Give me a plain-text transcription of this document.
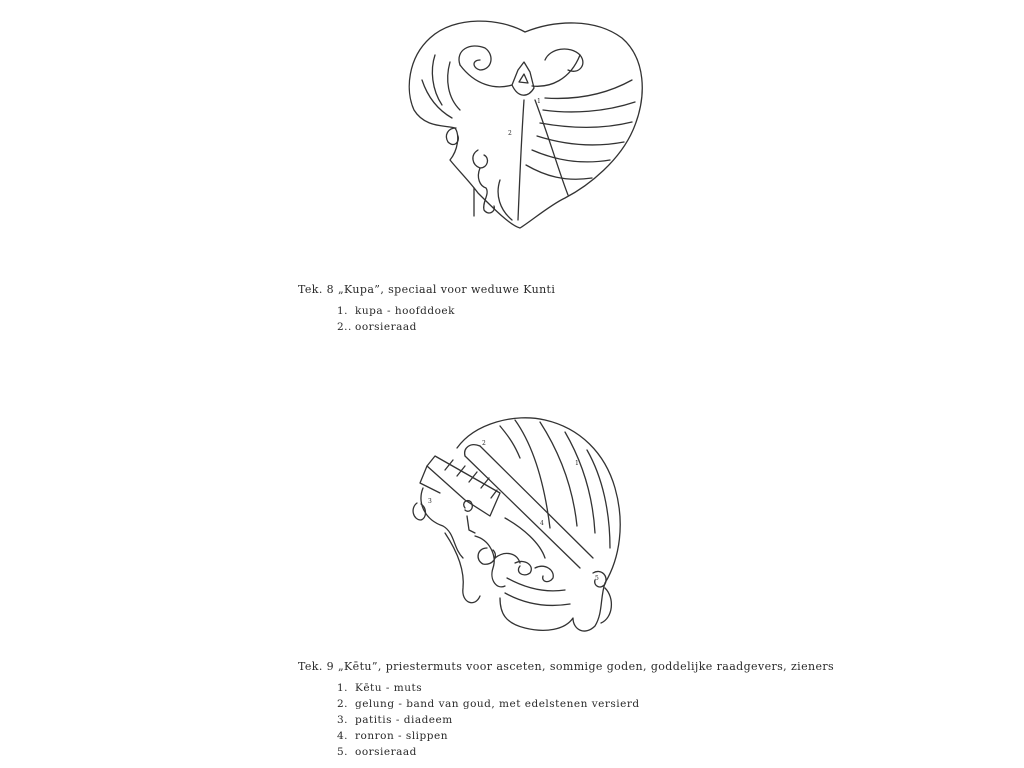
1
2
Tek. 8 „Kupa”, speciaal voor weduwe Kunti
1. kupa - hoofddoek
2.. oorsieraad
1
2
3
4
5
Tek. 9 „Kētu”, priestermuts voor asceten, sommige goden, goddelijke raadgevers, zieners
1. Kētu - muts
2. gelung - band van goud, met edelstenen versierd
3. patitis - diadeem
4. ronron - slippen
5. oorsieraad
